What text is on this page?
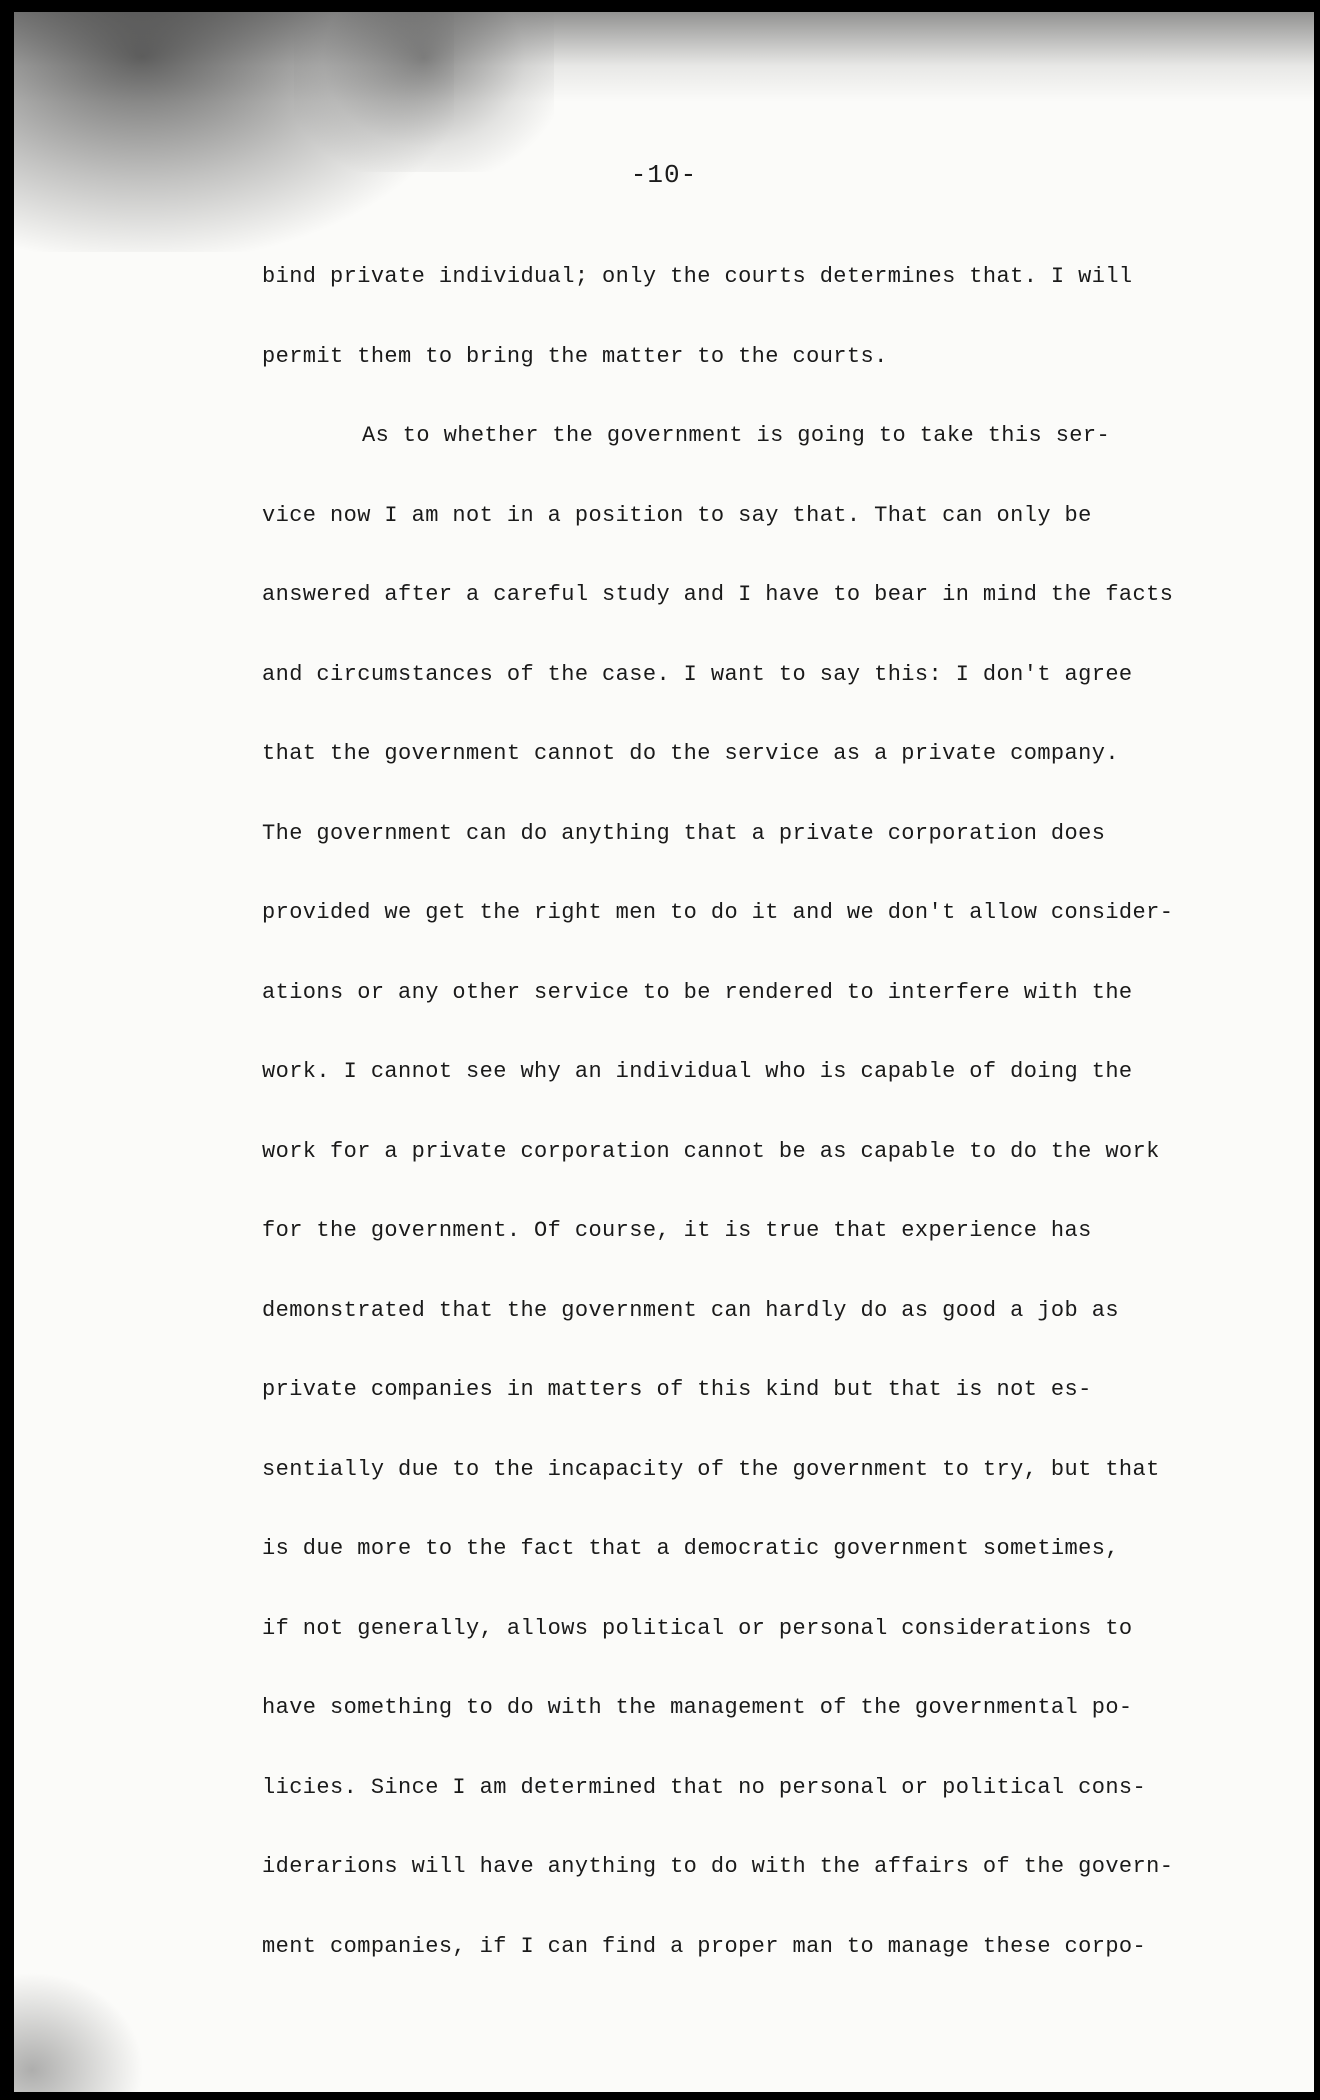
-10-
bind private individual; only the courts determines that. I will
permit them to bring the matter to the courts.
As to whether the government is going to take this ser-
vice now I am not in a position to say that. That can only be
answered after a careful study and I have to bear in mind the facts
and circumstances of the case. I want to say this: I don't agree
that the government cannot do the service as a private company.
The government can do anything that a private corporation does
provided we get the right men to do it and we don't allow consider-
ations or any other service to be rendered to interfere with the
work. I cannot see why an individual who is capable of doing the
work for a private corporation cannot be as capable to do the work
for the government. Of course, it is true that experience has
demonstrated that the government can hardly do as good a job as
private companies in matters of this kind but that is not es-
sentially due to the incapacity of the government to try, but that
is due more to the fact that a democratic government sometimes,
if not generally, allows political or personal considerations to
have something to do with the management of the governmental po-
licies. Since I am determined that no personal or political cons-
iderarions will have anything to do with the affairs of the govern-
ment companies, if I can find a proper man to manage these corpo-
